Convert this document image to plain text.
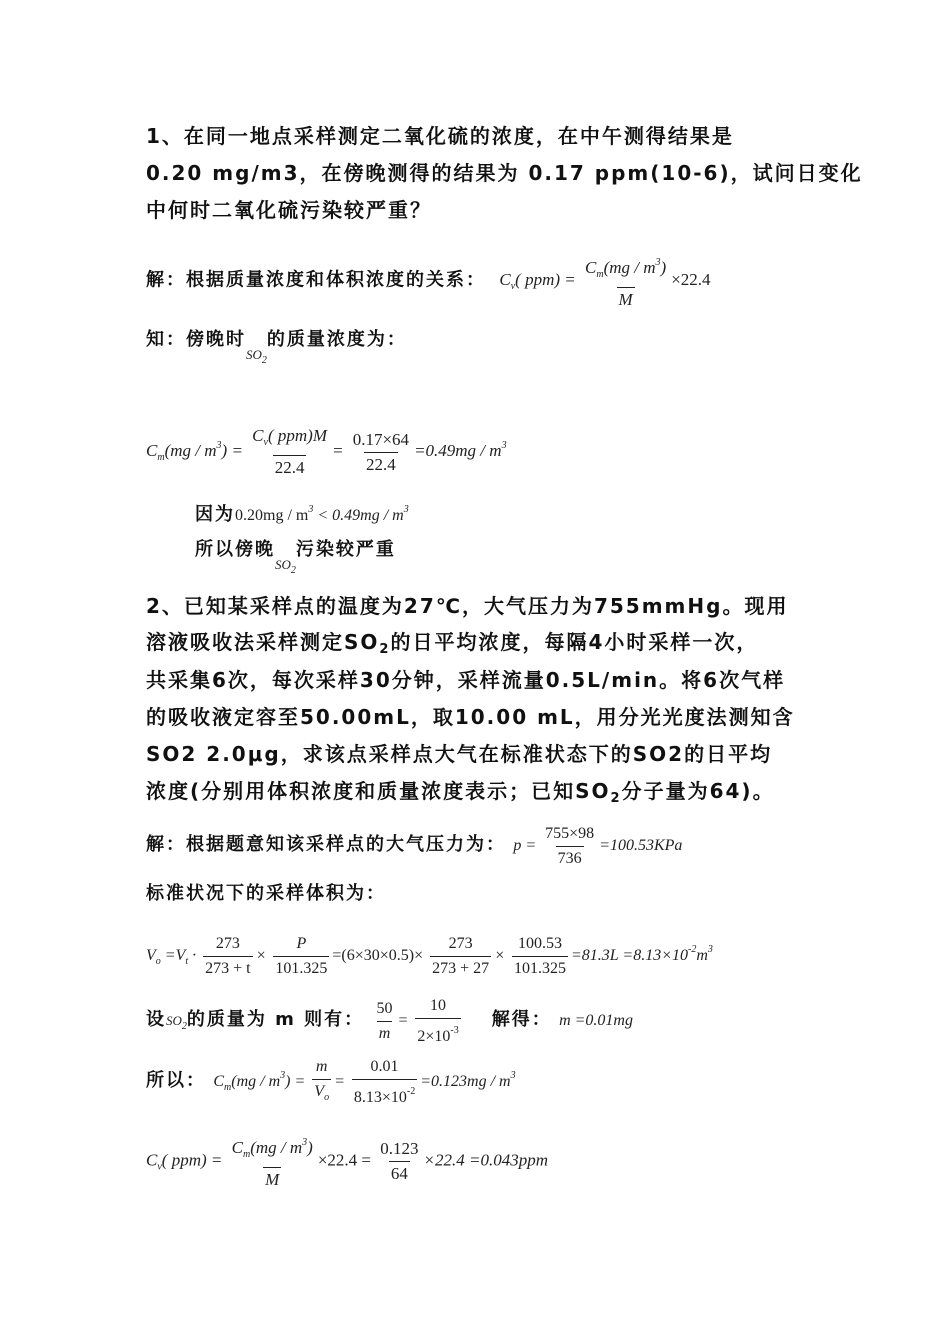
1、在同一地点采样测定二氧化硫的浓度，在中午测得结果是
0.20 mg/m3，在傍晚测得的结果为 0.17 ppm(10-6)，试问日变化
中何时二氧化硫污染较严重？
解：根据质量浓度和体积浓度的关系： $C_v$( $ppm) = \frac{C_m(mg / m^3)}{M} \times 22.4$
知：傍晚时$_{SO_2}$的质量浓度为：
$C_m(mg / m^3) = \frac{C_v( ppm)M}{22.4} = \frac{0.17\times 64}{22.4} =0.49mg / m^3$
因为$0.20mg / m^3 < 0.49mg / m^3$
所以傍晚$_{SO_2}$污染较严重
2、已知某采样点的温度为27℃，大气压力为755mmHg。现用
溶液吸收法采样测定$SO_2$的日平均浓度，每隔4小时采样一次，
共采集6次，每次采样30分钟，采样流量0.5L/min。将6次气样
的吸收液定容至50.00mL，取10.00 mL，用分光光度法测知含
SO2 2.0μg，求该点采样点大气在标准状态下的SO2的日平均
浓度(分别用体积浓度和质量浓度表示；已知$SO_2$分子量为64)。
解：根据题意知该采样点的大气压力为： $p = \frac{755\times 98}{736} =100.53KPa$
标准状况下的采样体积为：
$V_o =V_t \cdot \frac{273}{273 + t} \times \frac{P}{101.325} =(6\times 30\times 0.5)\times \frac{273}{273 + 27} \times \frac{100.53}{101.325} =81.3L =8.13\times 10^{-2}m^3$
设$SO_2$的质量为 m 则有： $\frac{50}{m} = \frac{10}{2\times 10^{-3}}$ 解得： m =0.01mg
所以： $C_m(mg / m^3) = \frac{m}{V_o} = \frac{0.01}{8.13\times 10^{-2}} =0.123mg / m^3$
$C_v$( $ppm) = \frac{C_m(mg / m^3)}{M} \times 22.4 = \frac{0.123}{64} \times 22.4 =0.043ppm$
